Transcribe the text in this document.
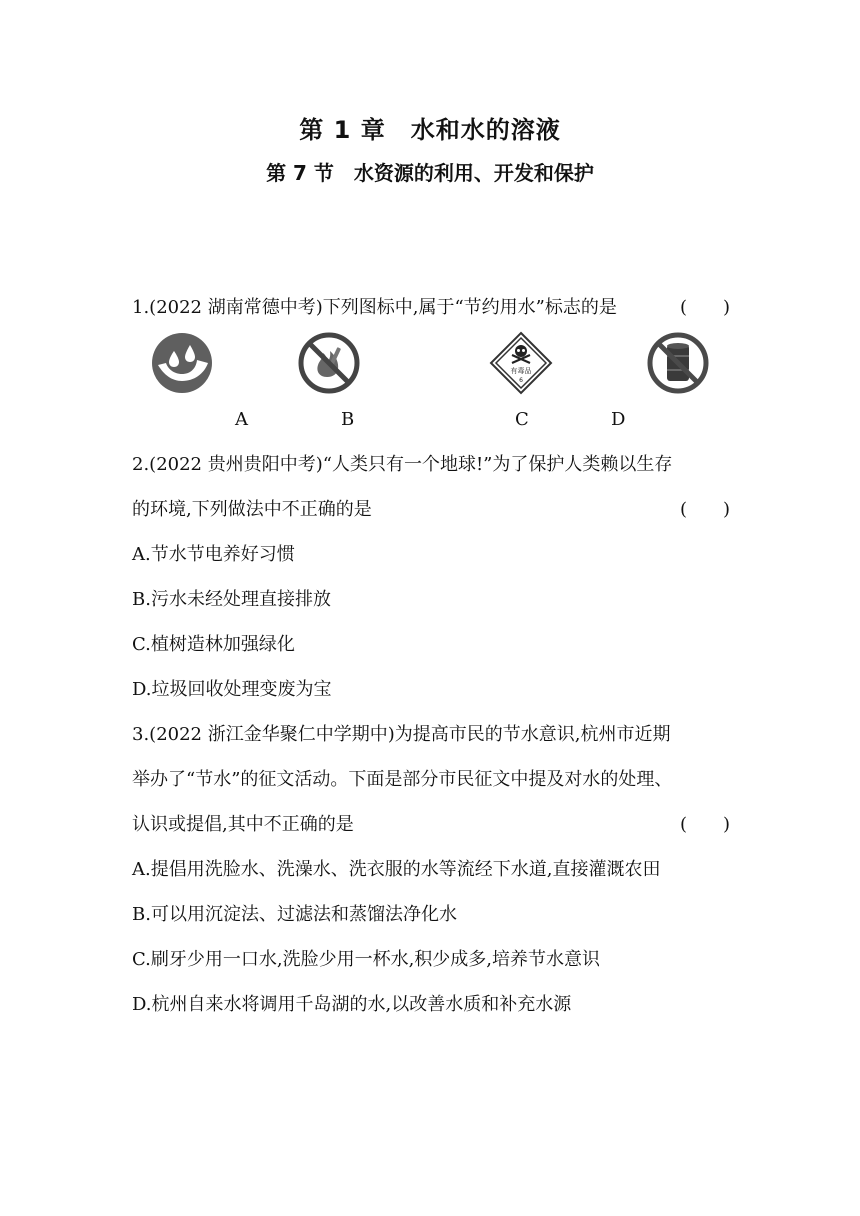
第 1 章　水和水的溶液
第 7 节　水资源的利用、开发和保护
1.(2022 湖南常德中考)下列图标中,属于“节约用水”标志的是	(　　)
有毒品
6
A	B	C	D
2.(2022 贵州贵阳中考)“人类只有一个地球!”为了保护人类赖以生存
的环境,下列做法中不正确的是	(　　)
A.节水节电养好习惯
B.污水未经处理直接排放
C.植树造林加强绿化
D.垃圾回收处理变废为宝
3.(2022 浙江金华聚仁中学期中)为提高市民的节水意识,杭州市近期
举办了“节水”的征文活动。下面是部分市民征文中提及对水的处理、
认识或提倡,其中不正确的是	(　　)
A.提倡用洗脸水、洗澡水、洗衣服的水等流经下水道,直接灌溉农田
B.可以用沉淀法、过滤法和蒸馏法净化水
C.刷牙少用一口水,洗脸少用一杯水,积少成多,培养节水意识
D.杭州自来水将调用千岛湖的水,以改善水质和补充水源
